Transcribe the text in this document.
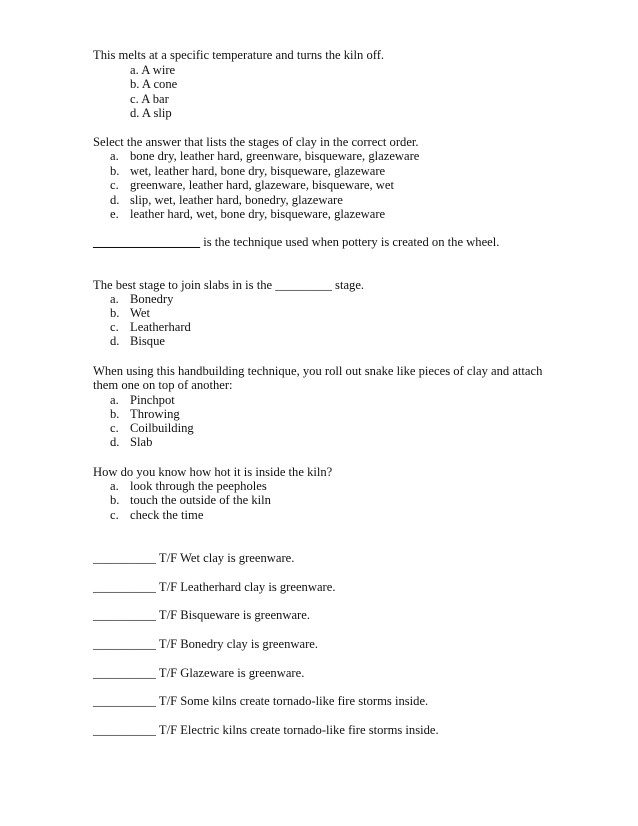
This melts at a specific temperature and turns the kiln off.
a. A wire
b. A cone
c. A bar
d. A slip
Select the answer that lists the stages of clay in the correct order.
a. bone dry, leather hard, greenware, bisqueware, glazeware
b. wet, leather hard, bone dry, bisqueware, glazeware
c. greenware, leather hard, glazeware, bisqueware, wet
d. slip, wet, leather hard, bonedry, glazeware
e. leather hard, wet, bone dry, bisqueware, glazeware
_________________ is the technique used when pottery is created on the wheel.
The best stage to join slabs in is the _________ stage.
a. Bonedry
b. Wet
c. Leatherhard
d. Bisque
When using this handbuilding technique, you roll out snake like pieces of clay and attach
them one on top of another:
a. Pinchpot
b. Throwing
c. Coilbuilding
d. Slab
How do you know how hot it is inside the kiln?
a. look through the peepholes
b. touch the outside of the kiln
c. check the time
__________ T/F Wet clay is greenware.
__________ T/F Leatherhard clay is greenware.
__________ T/F Bisqueware is greenware.
__________ T/F Bonedry clay is greenware.
__________ T/F Glazeware is greenware.
__________ T/F Some kilns create tornado-like fire storms inside.
__________ T/F Electric kilns create tornado-like fire storms inside.
